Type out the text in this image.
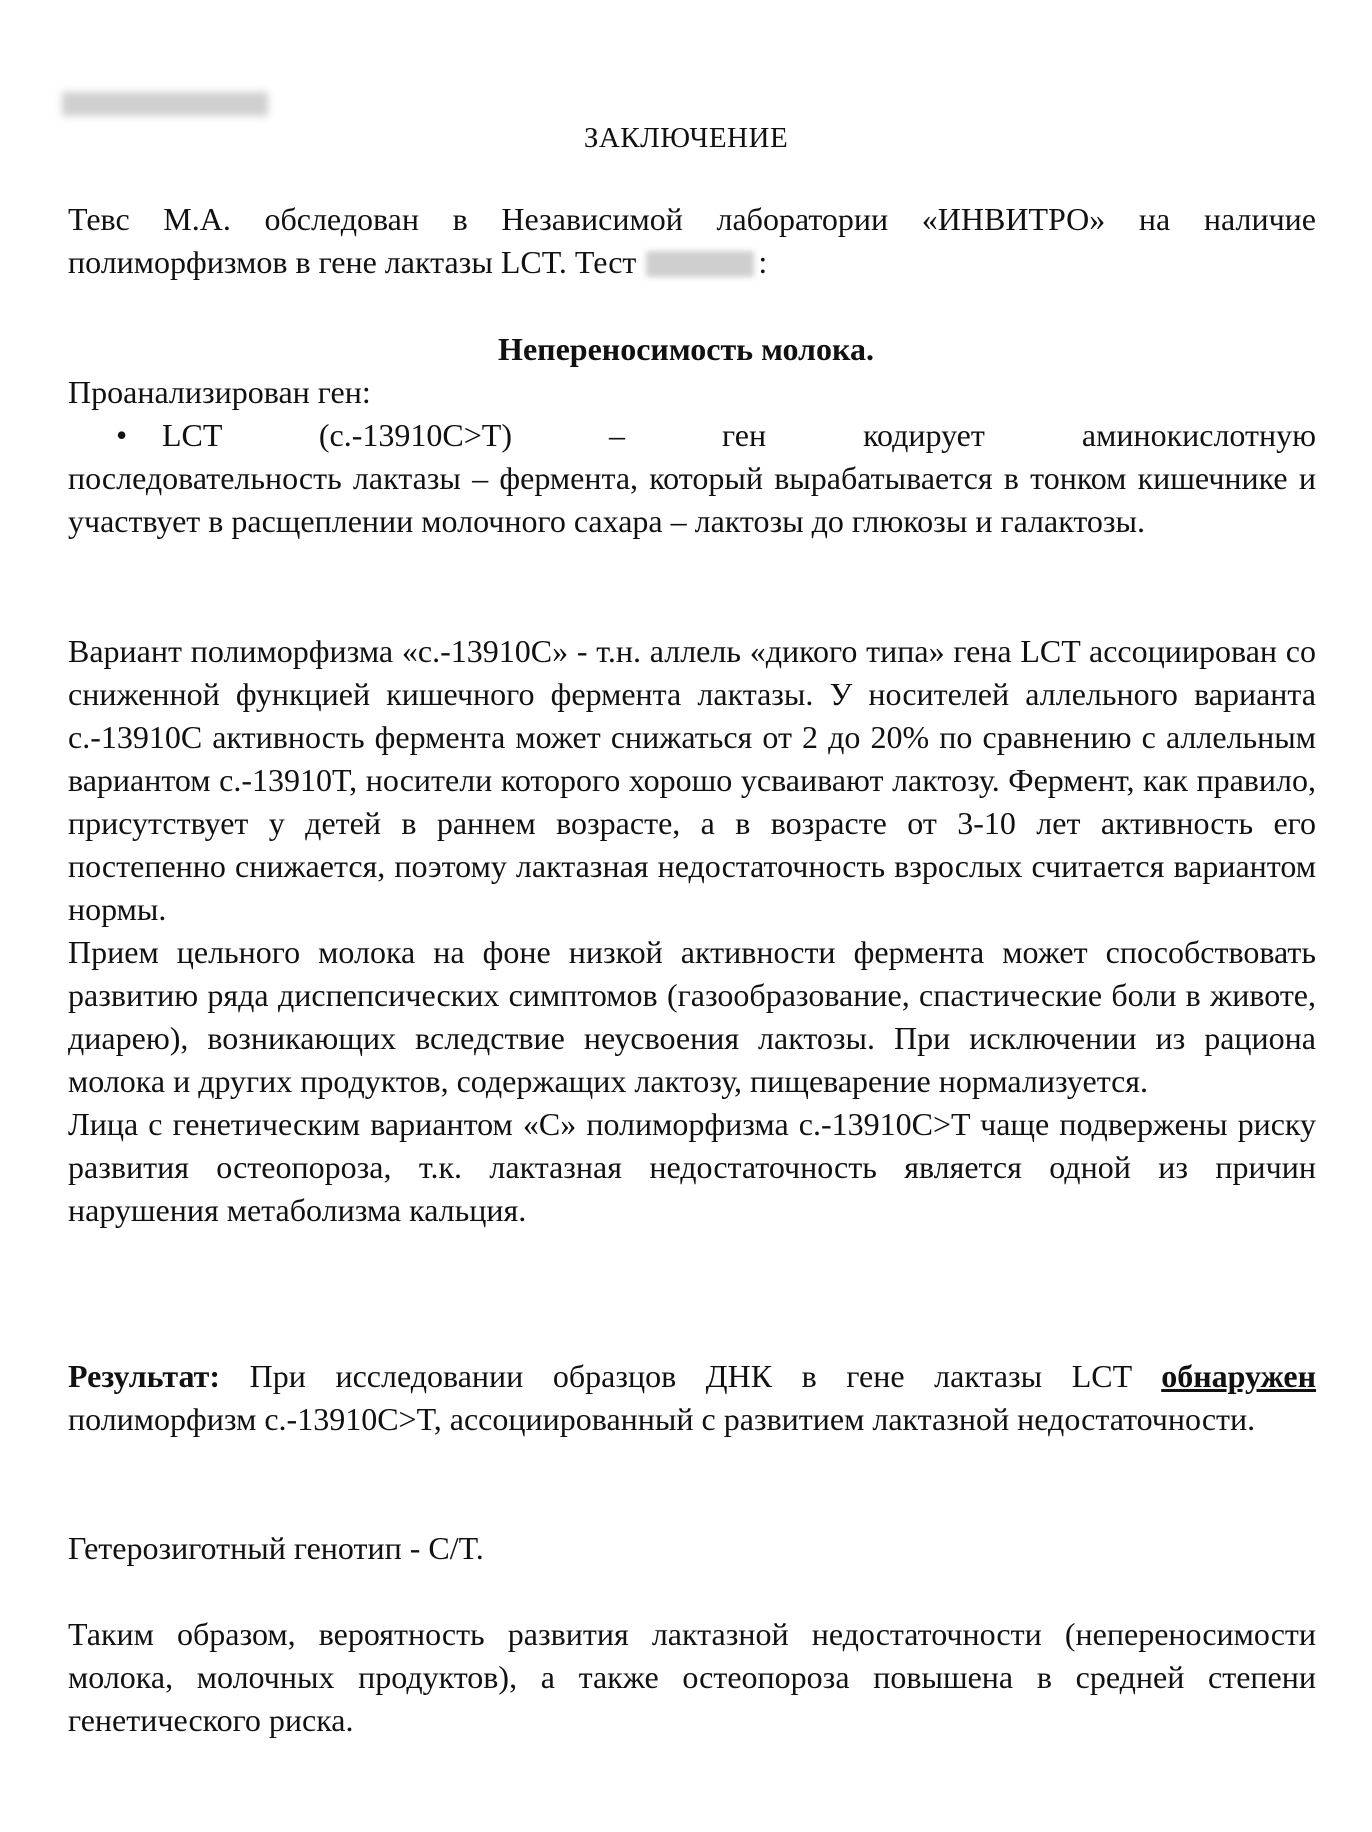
ЗАКЛЮЧЕНИЕ

Тевс М.А. обследован в Независимой лаборатории «ИНВИТРО» на наличие

полиморфизмов в гене лактазы LCT. Тест	:

Непереносимость молока.
Проанализирован ген:

• LCT (c.-13910C>T) – ген кодирует аминокислотную

последовательность лактазы – фермента, который вырабатывается в тонком кишечнике и участвует в расщеплении молочного сахара – лактозы до глюкозы и галактозы.

Вариант полиморфизма «c.-13910C» - т.н. аллель «дикого типа» гена LCT ассоциирован со сниженной функцией кишечного фермента лактазы. У носителей аллельного варианта c.-13910C активность фермента может снижаться от 2 до 20% по сравнению с аллельным вариантом c.-13910T, носители которого хорошо усваивают лактозу. Фермент, как правило, присутствует у детей в раннем возрасте, а в возрасте от 3-10 лет активность его постепенно снижается, поэтому лактазная недостаточность взрослых считается вариантом нормы.

Прием цельного молока на фоне низкой активности фермента может способствовать развитию ряда диспепсических симптомов (газообразование, спастические боли в животе, диарею), возникающих вследствие неусвоения лактозы. При исключении из рациона молока и других продуктов, содержащих лактозу, пищеварение нормализуется.

Лица с генетическим вариантом «С» полиморфизма c.-13910C>T чаще подвержены риску развития остеопороза, т.к. лактазная недостаточность является одной из причин нарушения метаболизма кальция.

Результат: При исследовании образцов ДНК в гене лактазы LCT обнаружен полиморфизм c.-13910C>T, ассоциированный с развитием лактазной недостаточности.

Гетерозиготный генотип - C/T.
Таким образом, вероятность развития лактазной недостаточности (непереносимости молока, молочных продуктов), а также остеопороза повышена в средней степени генетического риска.
